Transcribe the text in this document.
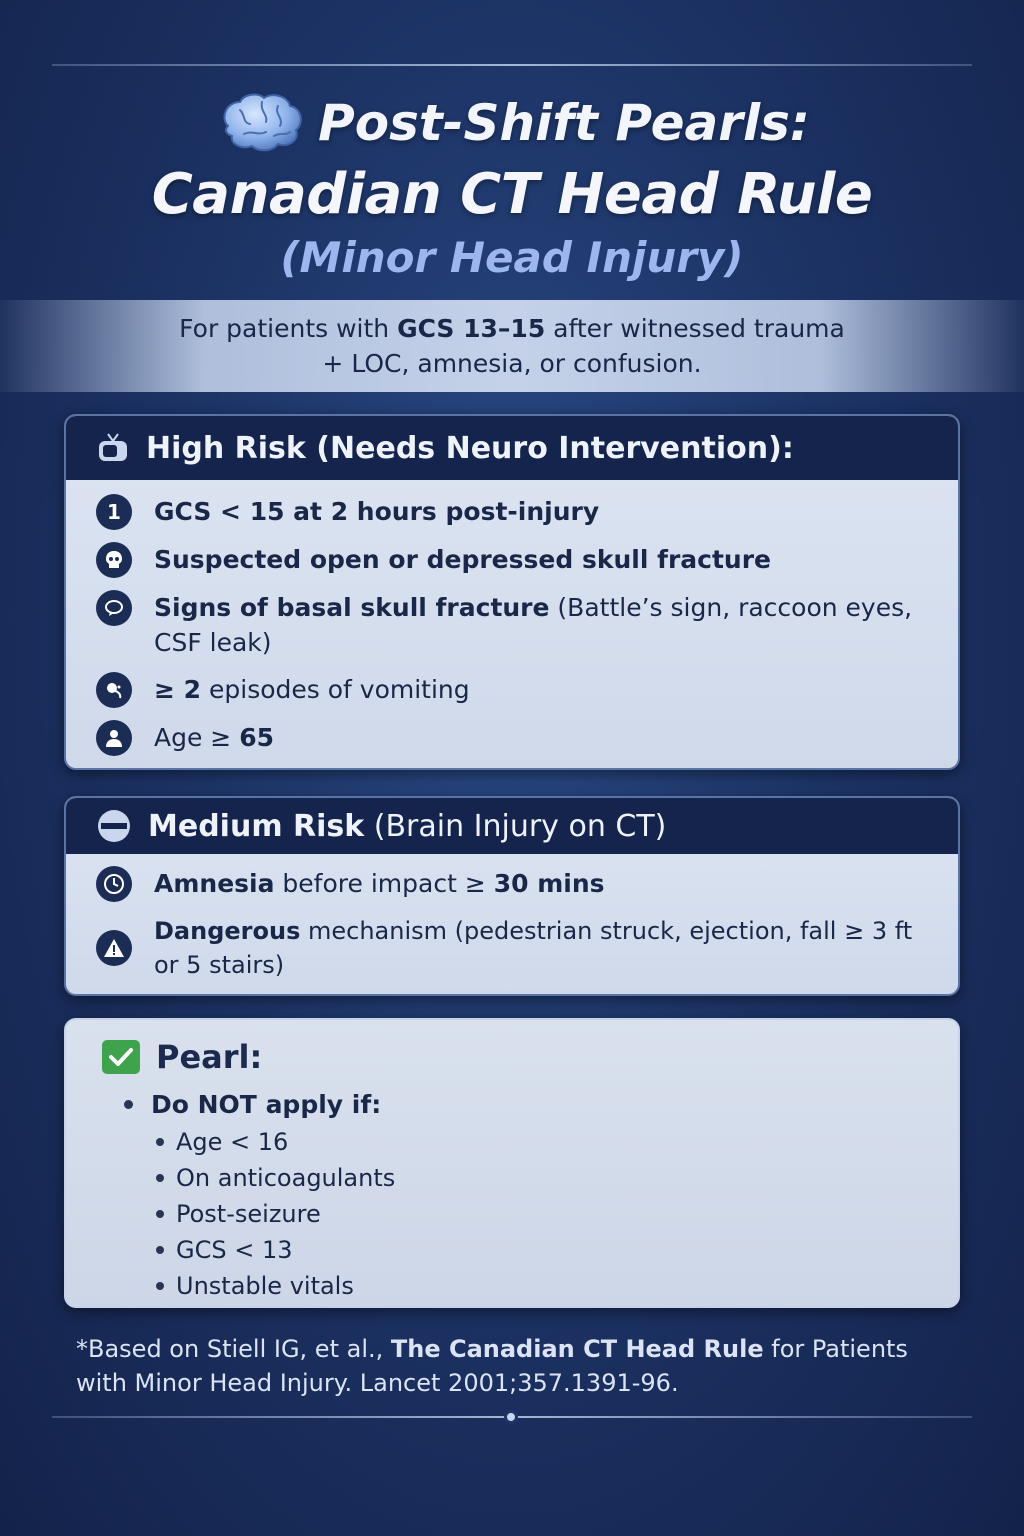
Post-Shift Pearls:
Canadian CT Head Rule
(Minor Head Injury)
For patients with GCS 13–15 after witnessed trauma
+ LOC, amnesia, or confusion.
High Risk (Needs Neuro Intervention):
1	GCS < 15 at 2 hours post-injury
Suspected open or depressed skull fracture
Signs of basal skull fracture (Battle’s sign, raccoon eyes, CSF leak)
≥ 2 episodes of vomiting
Age ≥ 65
Medium Risk (Brain Injury on CT)
Amnesia before impact ≥ 30 mins
Dangerous mechanism (pedestrian struck, ejection, fall ≥ 3 ft or 5 stairs)
Pearl:
Do NOT apply if:
Age < 16
On anticoagulants
Post-seizure
GCS < 13
Unstable vitals
*Based on Stiell IG, et al., The Canadian CT Head Rule for Patients with Minor Head Injury. Lancet 2001;357.1391-96.
